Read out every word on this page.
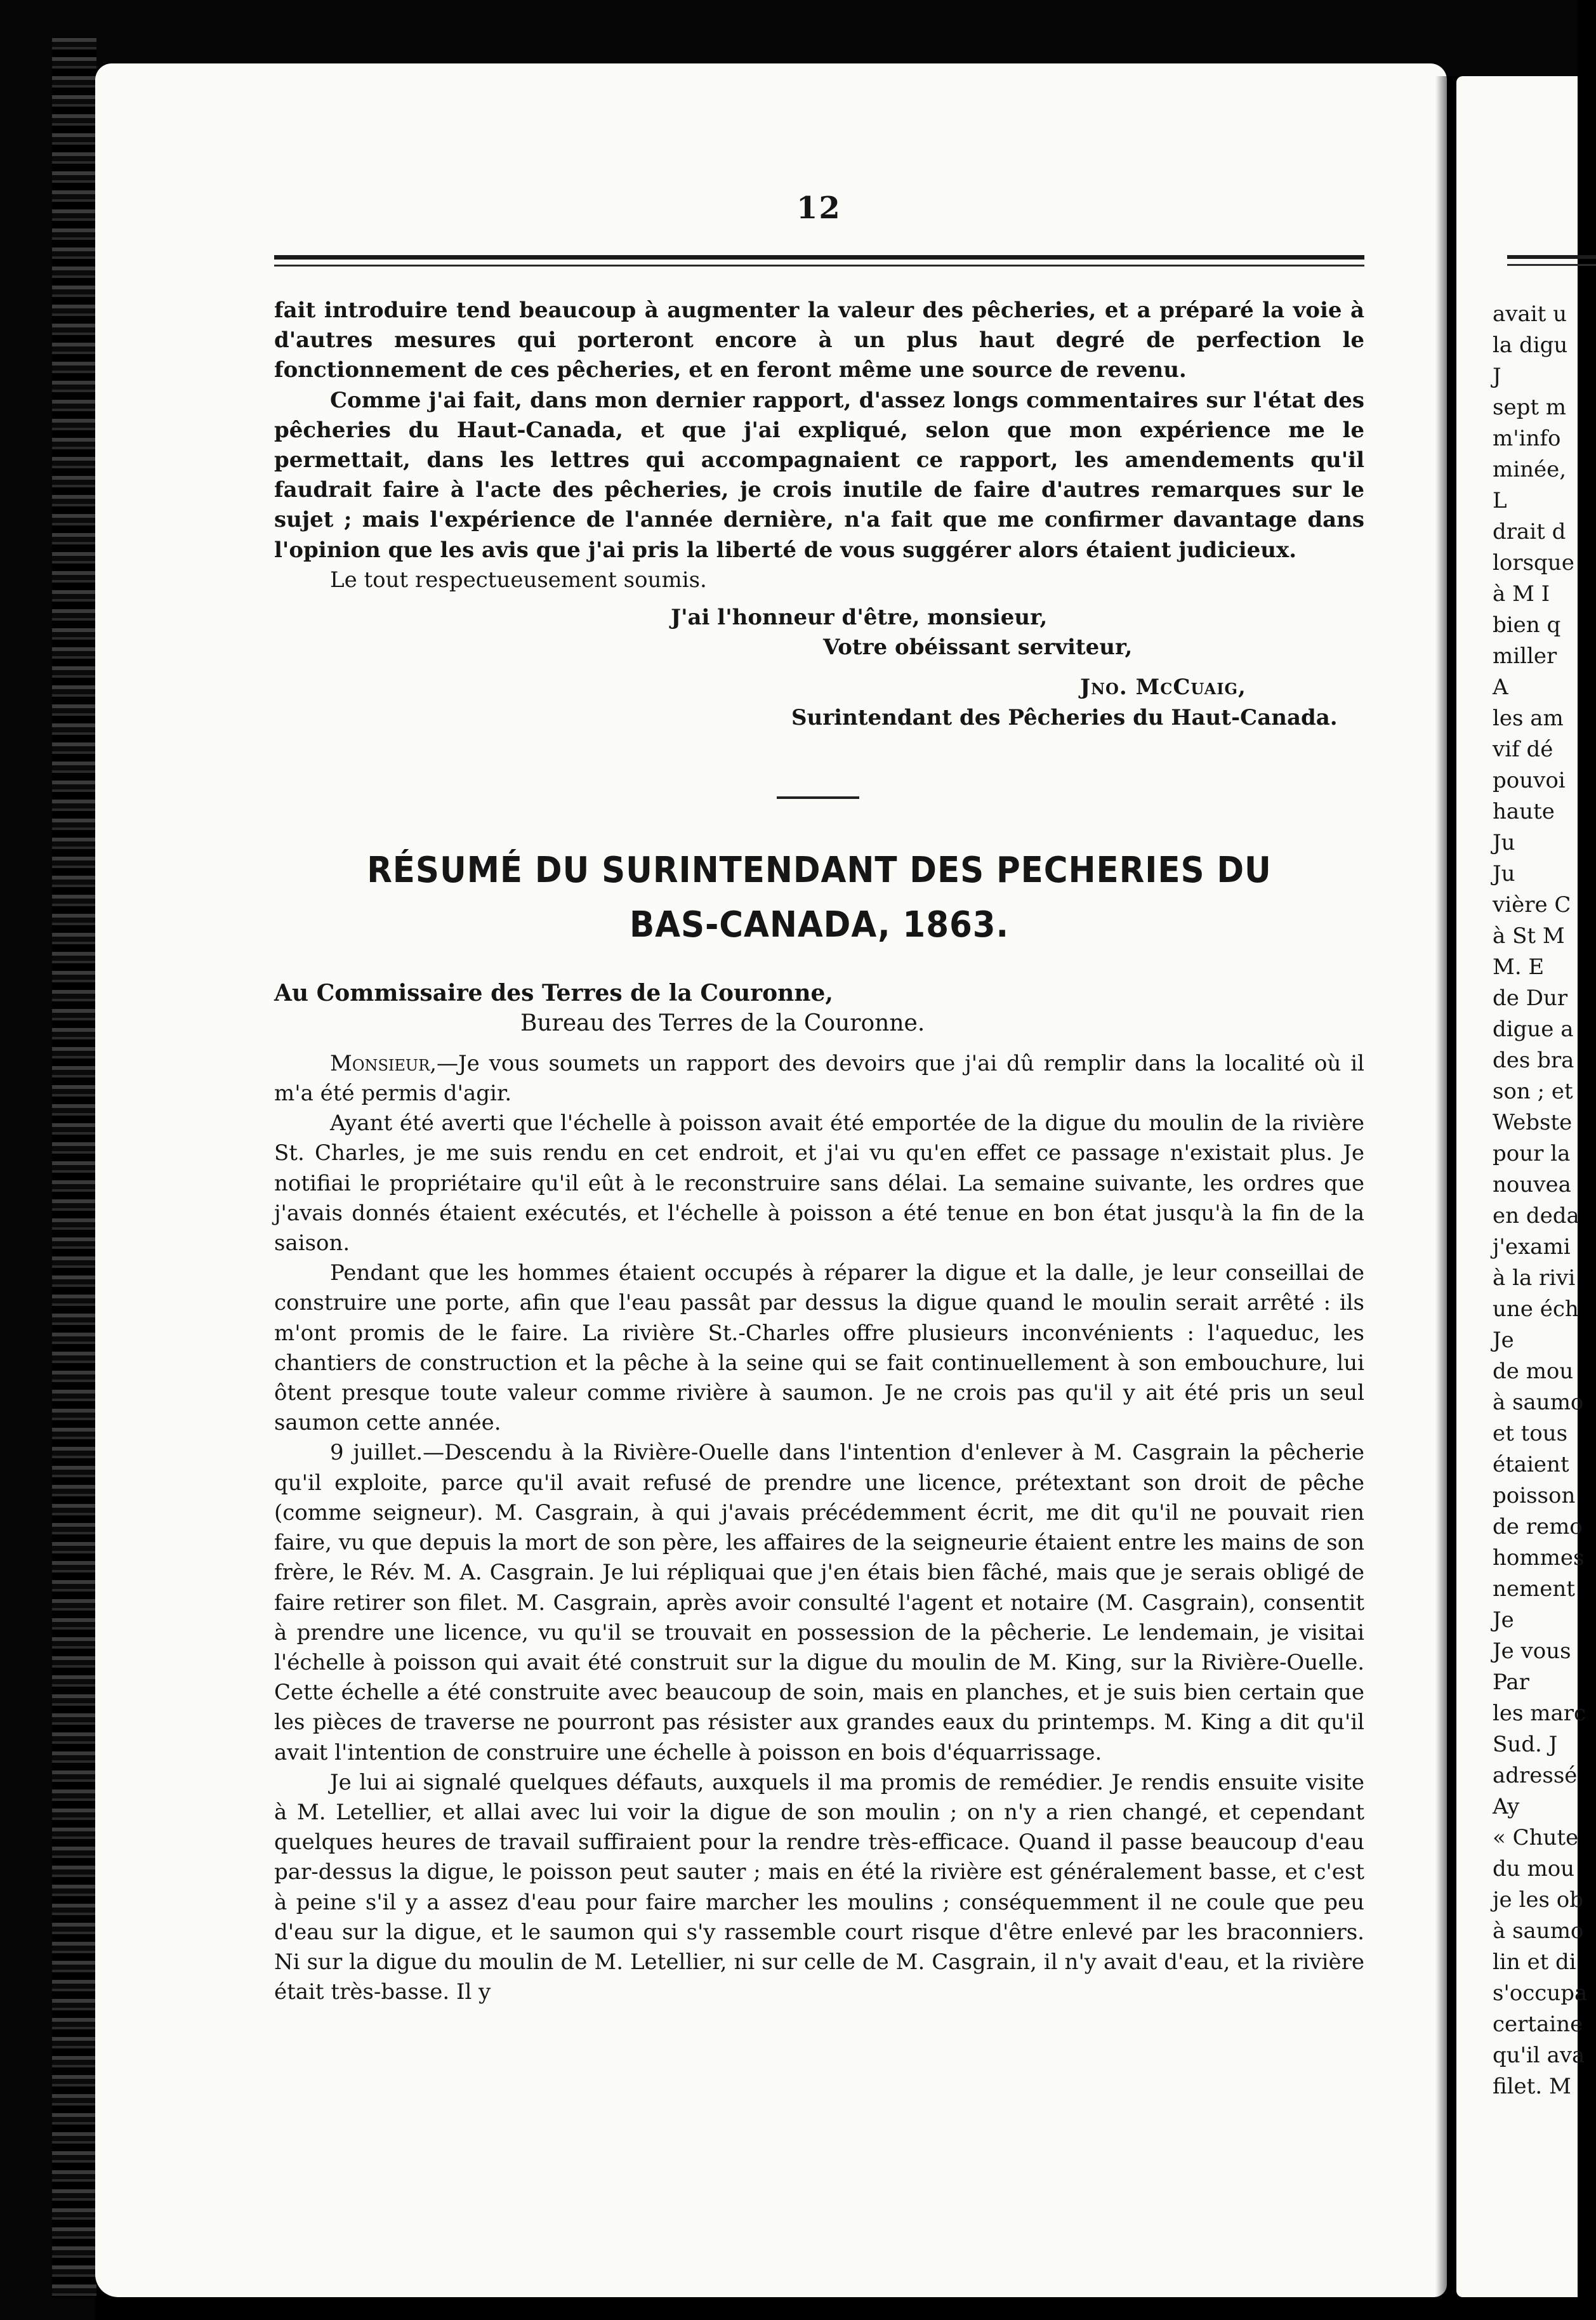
12

fait introduire tend beaucoup à augmenter la valeur des pêcheries, et a préparé la voie à d'autres mesures qui porteront encore à un plus haut degré de perfection le fonctionnement de ces pêcheries, et en feront même une source de revenu.

Comme j'ai fait, dans mon dernier rapport, d'assez longs commentaires sur l'état des pêcheries du Haut-Canada, et que j'ai expliqué, selon que mon expérience me le permettait, dans les lettres qui accompagnaient ce rapport, les amendements qu'il faudrait faire à l'acte des pêcheries, je crois inutile de faire d'autres remarques sur le sujet ; mais l'expérience de l'année dernière, n'a fait que me confirmer davantage dans l'opinion que les avis que j'ai pris la liberté de vous suggérer alors étaient judicieux.

Le tout respectueusement soumis.

J'ai l'honneur d'être, monsieur,

Votre obéissant serviteur,

Jno. McCuaig,

Surintendant des Pêcheries du Haut-Canada.

RÉSUMÉ DU SURINTENDANT DES PECHERIES DU
BAS-CANADA, 1863.

Au Commissaire des Terres de la Couronne,

Bureau des Terres de la Couronne.

Monsieur,—Je vous soumets un rapport des devoirs que j'ai dû remplir dans la localité où il m'a été permis d'agir.

Ayant été averti que l'échelle à poisson avait été emportée de la digue du moulin de la rivière St. Charles, je me suis rendu en cet endroit, et j'ai vu qu'en effet ce passage n'existait plus. Je notifiai le propriétaire qu'il eût à le reconstruire sans délai. La semaine suivante, les ordres que j'avais donnés étaient exécutés, et l'échelle à poisson a été tenue en bon état jusqu'à la fin de la saison.

Pendant que les hommes étaient occupés à réparer la digue et la dalle, je leur conseillai de construire une porte, afin que l'eau passât par dessus la digue quand le moulin serait arrêté : ils m'ont promis de le faire. La rivière St.-Charles offre plusieurs inconvénients : l'aqueduc, les chantiers de construction et la pêche à la seine qui se fait continuellement à son embouchure, lui ôtent presque toute valeur comme rivière à saumon. Je ne crois pas qu'il y ait été pris un seul saumon cette année.

9 juillet.—Descendu à la Rivière-Ouelle dans l'intention d'enlever à M. Casgrain la pêcherie qu'il exploite, parce qu'il avait refusé de prendre une licence, prétextant son droit de pêche (comme seigneur). M. Casgrain, à qui j'avais précédemment écrit, me dit qu'il ne pouvait rien faire, vu que depuis la mort de son père, les affaires de la seigneurie étaient entre les mains de son frère, le Rév. M. A. Casgrain. Je lui répliquai que j'en étais bien fâché, mais que je serais obligé de faire retirer son filet. M. Casgrain, après avoir consulté l'agent et notaire (M. Casgrain), consentit à prendre une licence, vu qu'il se trouvait en possession de la pêcherie. Le lendemain, je visitai l'échelle à poisson qui avait été construit sur la digue du moulin de M. King, sur la Rivière-Ouelle. Cette échelle a été construite avec beaucoup de soin, mais en planches, et je suis bien certain que les pièces de traverse ne pourront pas résister aux grandes eaux du printemps. M. King a dit qu'il avait l'intention de construire une échelle à poisson en bois d'équarrissage.

Je lui ai signalé quelques défauts, auxquels il ma promis de remédier. Je rendis ensuite visite à M. Letellier, et allai avec lui voir la digue de son moulin ; on n'y a rien changé, et cependant quelques heures de travail suffiraient pour la rendre très-efficace. Quand il passe beaucoup d'eau par-dessus la digue, le poisson peut sauter ; mais en été la rivière est généralement basse, et c'est à peine s'il y a assez d'eau pour faire marcher les moulins ; conséquemment il ne coule que peu d'eau sur la digue, et le saumon qui s'y rassemble court risque d'être enlevé par les braconniers. Ni sur la digue du moulin de M. Letellier, ni sur celle de M. Casgrain, il n'y avait d'eau, et la rivière était très-basse. Il y

avait u
la digu
J
sept m
m'info
minée,
L
drait d
lorsque
à M I
bien q
miller
A
les am
vif dé
pouvoi
haute
Ju
Ju
vière C
à St M
M. E
de Dur
digue a
des bra
son ; et
Webste
pour la
nouvea
en deda
j'exami
à la rivi
une éch
Je
de mou
à saumo
et tous
étaient
poisson
de remo
hommes
nement
Je
Je vous
Par
les marc
Sud. J
adressé
Ay
« Chute
du mou
je les ob
à saumo
lin et di
s'occupa
certaine
qu'il ava
filet. M
